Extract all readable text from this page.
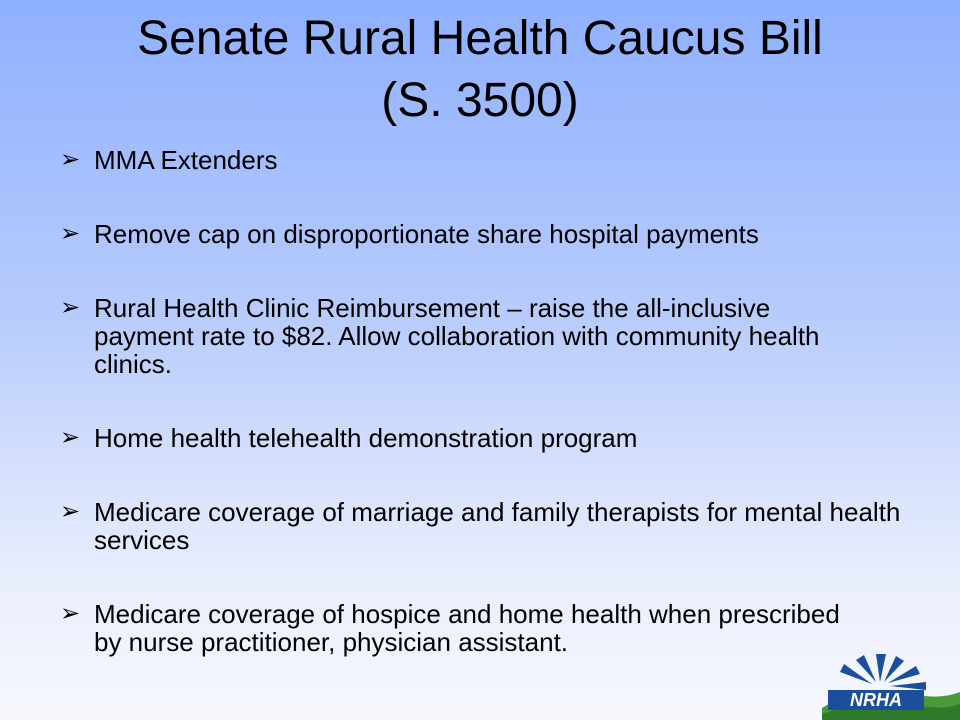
Senate Rural Health Caucus Bill
(S. 3500)
➢ MMA Extenders
➢ Remove cap on disproportionate share hospital payments
➢ Rural Health Clinic Reimbursement – raise the all-inclusive payment rate to $82. Allow collaboration with community health clinics.
➢ Home health telehealth demonstration program
➢ Medicare coverage of marriage and family therapists for mental health services
➢ Medicare coverage of hospice and home health when prescribed by nurse practitioner, physician assistant.
NRHA
